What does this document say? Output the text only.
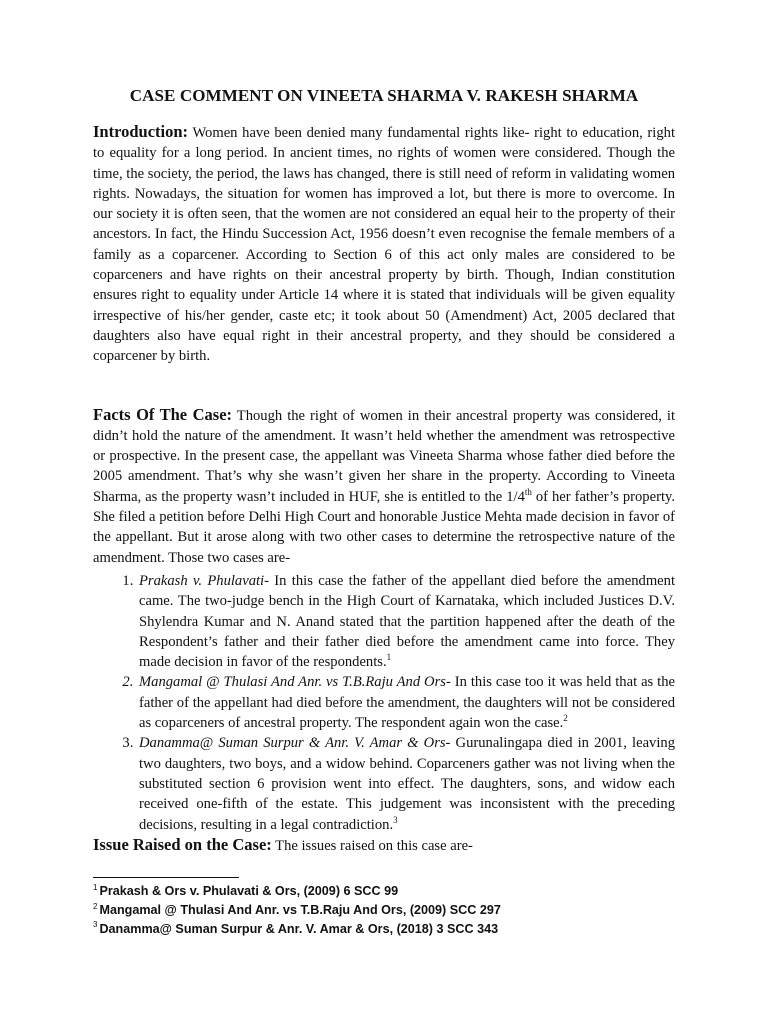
CASE COMMENT ON VINEETA SHARMA V. RAKESH SHARMA

Introduction: Women have been denied many fundamental rights like- right to education, right to equality for a long period. In ancient times, no rights of women were considered. Though the time, the society, the period, the laws has changed, there is still need of reform in validating women rights. Nowadays, the situation for women has improved a lot, but there is more to overcome. In our society it is often seen, that the women are not considered an equal heir to the property of their ancestors. In fact, the Hindu Succession Act, 1956 doesn’t even recognise the female members of a family as a coparcener. According to Section 6 of this act only males are considered to be coparceners and have rights on their ancestral property by birth. Though, Indian constitution ensures right to equality under Article 14 where it is stated that individuals will be given equality irrespective of his/her gender, caste etc; it took about 50 (Amendment) Act, 2005 declared that daughters also have equal right in their ancestral property, and they should be considered a coparcener by birth.

Facts Of The Case: Though the right of women in their ancestral property was considered, it didn’t hold the nature of the amendment. It wasn’t held whether the amendment was retrospective or prospective. In the present case, the appellant was Vineeta Sharma whose father died before the 2005 amendment. That’s why she wasn’t given her share in the property. According to Vineeta Sharma, as the property wasn’t included in HUF, she is entitled to the 1/4th of her father’s property. She filed a petition before Delhi High Court and honorable Justice Mehta made decision in favor of the appellant. But it arose along with two other cases to determine the retrospective nature of the amendment. Those two cases are-

1. Prakash v. Phulavati- In this case the father of the appellant died before the amendment came. The two-judge bench in the High Court of Karnataka, which included Justices D.V. Shylendra Kumar and N. Anand stated that the partition happened after the death of the Respondent’s father and their father died before the amendment came into force. They made decision in favor of the respondents.$^1$
2. Mangamal @ Thulasi And Anr. vs T.B.Raju And Ors- In this case too it was held that as the father of the appellant had died before the amendment, the daughters will not be considered as coparceners of ancestral property. The respondent again won the case.$^2$
3. Danamma@ Suman Surpur & Anr. V. Amar & Ors- Gurunalingapa died in 2001, leaving two daughters, two boys, and a widow behind. Coparceners gather was not living when the substituted section 6 provision went into effect. The daughters, sons, and widow each received one-fifth of the estate. This judgement was inconsistent with the preceding decisions, resulting in a legal contradiction.$^3$

Issue Raised on the Case: The issues raised on this case are-

$^1$ Prakash & Ors v. Phulavati & Ors, (2009) 6 SCC 99
$^2$ Mangamal @ Thulasi And Anr. vs T.B.Raju And Ors, (2009) SCC 297
$^3$ Danamma@ Suman Surpur & Anr. V. Amar & Ors, (2018) 3 SCC 343
